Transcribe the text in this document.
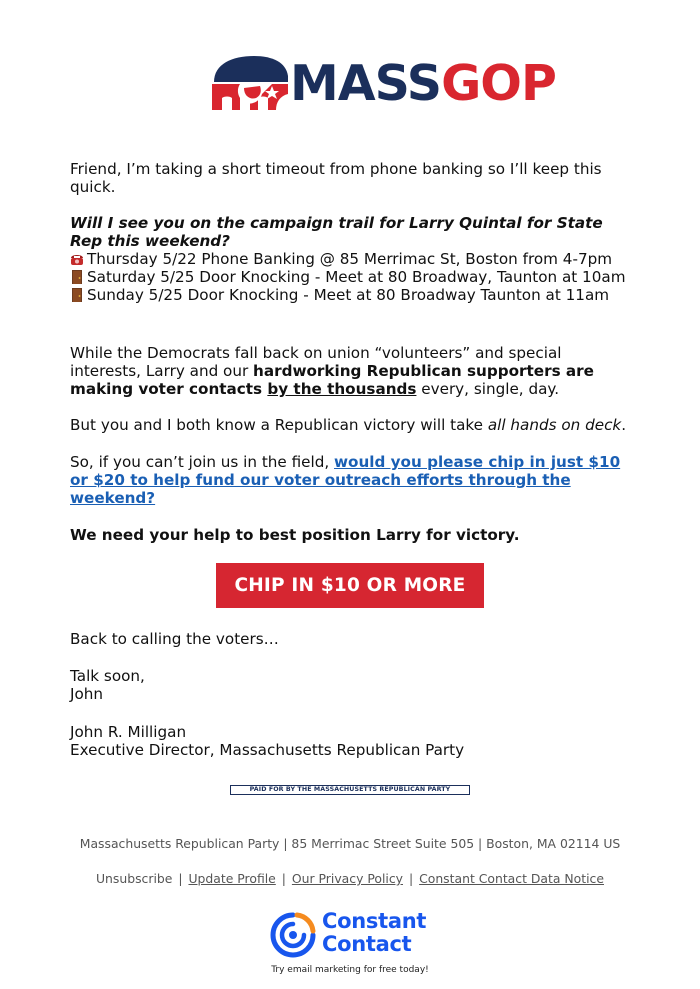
MASSGOP

Friend, I’m taking a short timeout from phone banking so I’ll keep this quick.

Will I see you on the campaign trail for Larry Quintal for State Rep this weekend?

Thursday 5/22 Phone Banking @ 85 Merrimac St, Boston from 4-7pm

Saturday 5/25 Door Knocking - Meet at 80 Broadway, Taunton at 10am

Sunday 5/25 Door Knocking - Meet at 80 Broadway Taunton at 11am

While the Democrats fall back on union “volunteers” and special interests, Larry and our hardworking Republican supporters are making voter contacts by the thousands every, single, day.

But you and I both know a Republican victory will take all hands on deck.

So, if you can’t join us in the field, would you please chip in just $10 or $20 to help fund our voter outreach efforts through the weekend?

We need your help to best position Larry for victory.

CHIP IN $10 OR MORE

Back to calling the voters…

Talk soon,

John

John R. Milligan

Executive Director, Massachusetts Republican Party

PAID FOR BY THE MASSACHUSETTS REPUBLICAN PARTY
Massachusetts Republican Party | 85 Merrimac Street Suite 505 | Boston, MA 02114 US
Unsubscribe | Update Profile | Our Privacy Policy | Constant Contact Data Notice
Constant
Contact
Try email marketing for free today!
